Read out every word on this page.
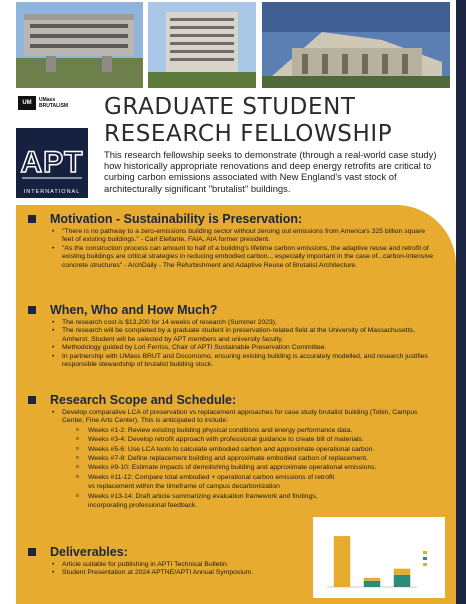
UM	UMass
BRUTALISM
APT
INTERNATIONAL
GRADUATE STUDENT
RESEARCH FELLOWSHIP

This research fellowship seeks to demonstrate (through a real-world case study) how historically appropriate renovations and deep energy retrofits are critical to curbing carbon emissions associated with New England's vast stock of architecturally significant "brutalist" buildings.

Motivation - Sustainability is Preservation:
• "There is no pathway to a zero-emissions building sector without zeroing out emissions from America's 325 billion square feet of existing buildings." - Carl Elefante, FAIA, AIA former president.
• "As the construction process can amount to half of a building's lifetime carbon emissions, the adaptive reuse and retrofit of existing buildings are critical strategies in reducing embodied carbon... especially important in the case of...carbon-intensive concrete structures" - ArchDaily - The Refurbishment and Adaptive Reuse of Brutalist Architecture.
When, Who and How Much?
• The research cost is $13,200 for 14 weeks of research (Summer 2023).
• The research will be completed by a graduate student in preservation-related field at the University of Massachusetts, Amherst. Student will be selected by APT members and university faculty.
• Methodology guided by Lori Ferriss, Chair of APTI Sustainable Preservation Committee.
• In partnership with UMass BRUT and Docomomo, ensuring existing building is accurately modelled, and research justifies responsible stewardship of brutalist building stock.
Research Scope and Schedule:
• Develop comparative LCA of preservation vs replacement approaches for case study brutalist building (Tobin, Campus Center, Fine Arts Center). This is anticipated to include:
o Weeks #1-2: Review existing building physical conditions and energy performance data.
o Weeks #3-4: Develop retrofit approach with professional guidance to create bill of materials.
o Weeks #5-6: Use LCA tools to calculate embodied carbon and approximate operational carbon.
o Weeks #7-8: Define replacement building and approximate embodied carbon of replacement.
o Weeks #9-10: Estimate impacts of demolishing building and approximate operational emissions.
o Weeks #11-12: Compare total embodied + operational carbon emissions of retrofit vs replacement within the timeframe of campus decarbonization
o Weeks #13-14: Draft article summarizing evaluation framework and findings, incorporating professional feedback.
Deliverables:
• Article suitable for publishing in APTI Technical Bulletin.
• Student Presentation at 2024 APTNE/APTI Annual Symposium.
